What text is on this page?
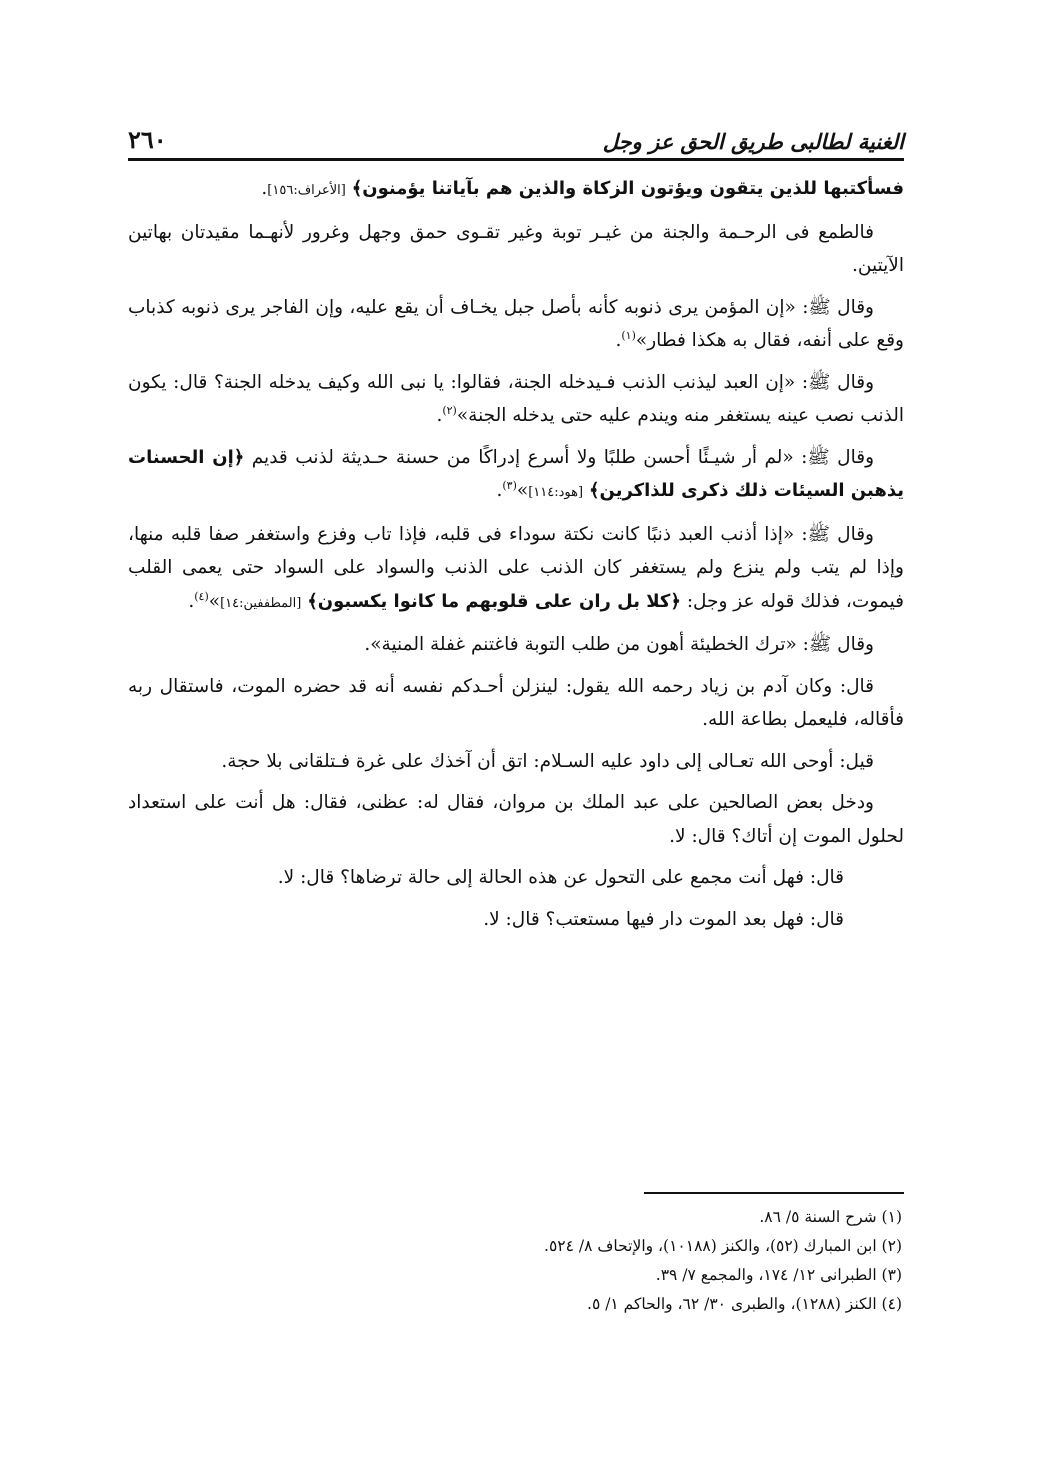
٢٦٠	الغنية لطالبى طريق الحق عز وجل

فسأكتبها للذين يتقون ويؤتون الزكاة والذين هم بآياتنا يؤمنون﴾ [الأعراف:١٥٦].

فالطمع فى الرحـمة والجنة من غيـر توبة وغير تقـوى حمق وجهل وغرور لأنهـما مقيدتان بهاتين الآيتين.

وقال ﷺ: «إن المؤمن يرى ذنوبه كأنه بأصل جبل يخـاف أن يقع عليه، وإن الفاجر يرى ذنوبه كذباب وقع على أنفه، فقال به هكذا فطار»$^{(١)}$.

وقال ﷺ: «إن العبد ليذنب الذنب فـيدخله الجنة، فقالوا: يا نبى الله وكيف يدخله الجنة؟ قال: يكون الذنب نصب عينه يستغفر منه ويندم عليه حتى يدخله الجنة»$^{(٢)}$.

وقال ﷺ: «لم أر شيـئًا أحسن طلبًا ولا أسرع إدراكًا من حسنة حـديثة لذنب قديم ﴿إن الحسنات يذهبن السيئات ذلك ذكرى للذاكرين﴾ [هود:١١٤]»$^{(٣)}$.

وقال ﷺ: «إذا أذنب العبد ذنبًا كانت نكتة سوداء فى قلبه، فإذا تاب وفزع واستغفر صفا قلبه منها، وإذا لم يتب ولم ينزع ولم يستغفر كان الذنب على الذنب والسواد على السواد حتى يعمى القلب فيموت، فذلك قوله عز وجل: ﴿كلا بل ران على قلوبهم ما كانوا يكسبون﴾ [المطففين:١٤]»$^{(٤)}$.

وقال ﷺ: «ترك الخطيئة أهون من طلب التوبة فاغتنم غفلة المنية».

قال: وكان آدم بن زياد رحمه الله يقول: لينزلن أحـدكم نفسه أنه قد حضره الموت، فاستقال ربه فأقاله، فليعمل بطاعة الله.

قيل: أوحى الله تعـالى إلى داود عليه السـلام: اتق أن آخذك على غرة فـتلقانى بلا حجة.

ودخل بعض الصالحين على عبد الملك بن مروان، فقال له: عظنى، فقال: هل أنت على استعداد لحلول الموت إن أتاك؟ قال: لا.

قال: فهل أنت مجمع على التحول عن هذه الحالة إلى حالة ترضاها؟ قال: لا.

قال: فهل بعد الموت دار فيها مستعتب؟ قال: لا.

(١) شرح السنة ٥/ ٨٦.

(٢) ابن المبارك (٥٢)، والكنز (١٠١٨٨)، والإتحاف ٨/ ٥٢٤.

(٣) الطبرانى ١٢/ ١٧٤، والمجمع ٧/ ٣٩.

(٤) الكنز (١٢٨٨)، والطبرى ٣٠/ ٦٢، والحاكم ١/ ٥.
